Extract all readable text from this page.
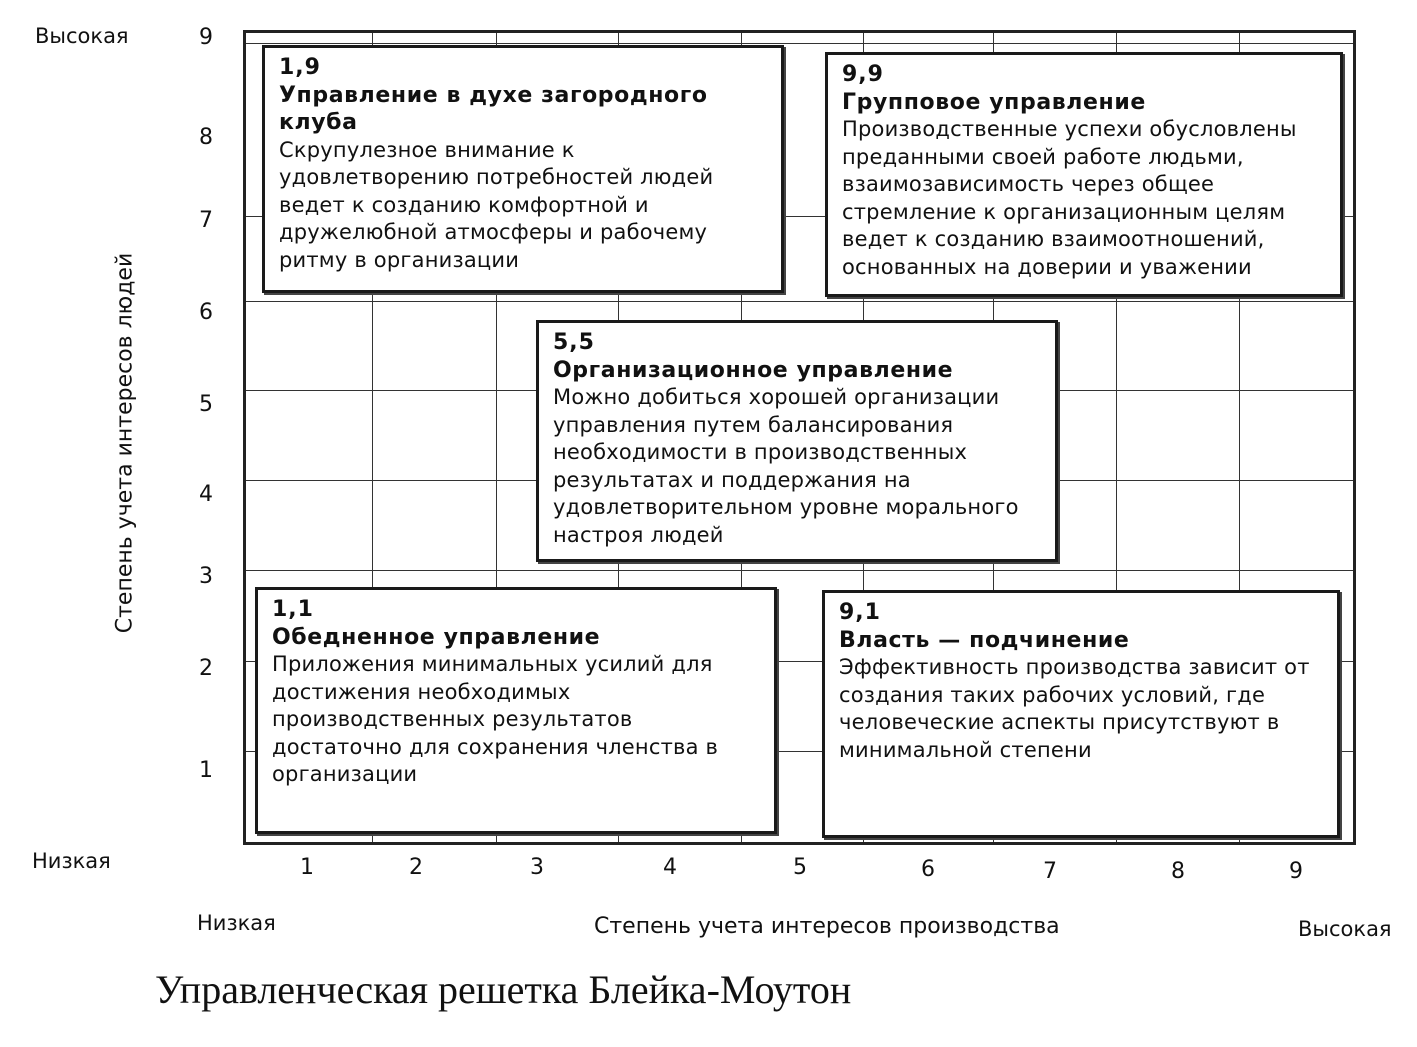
Высокая
Низкая
Степень учета интересов людей
9
8
7
6
5
4
3
2
1
1,9
Управление в духе загородного клуба
Скрупулезное внимание к удовлетворению потребностей людей ведет к созданию комфортной и дружелюбной атмосферы и рабочему ритму в организации
9,9
Групповое управление
Производственные успехи обусловлены преданными своей работе людьми, взаимозависимость через общее стремление к организационным целям ведет к созданию взаимоотношений, основанных на доверии и уважении
5,5
Организационное управление
Можно добиться хорошей организации управления путем балансирования необходимости в производственных результатах и поддержания на удовлетворительном уровне морального настроя людей
1,1
Обедненное управление
Приложения минимальных усилий для достижения необходимых производственных результатов достаточно для сохранения членства в организации
9,1
Власть — подчинение
Эффективность производства зависит от создания таких рабочих условий, где человеческие аспекты присутствуют в минимальной степени
1	2	3	4	5	6	7	8	9
Низкая	Степень учета интересов производства	Высокая
Управленческая решетка Блейка-Моутон
